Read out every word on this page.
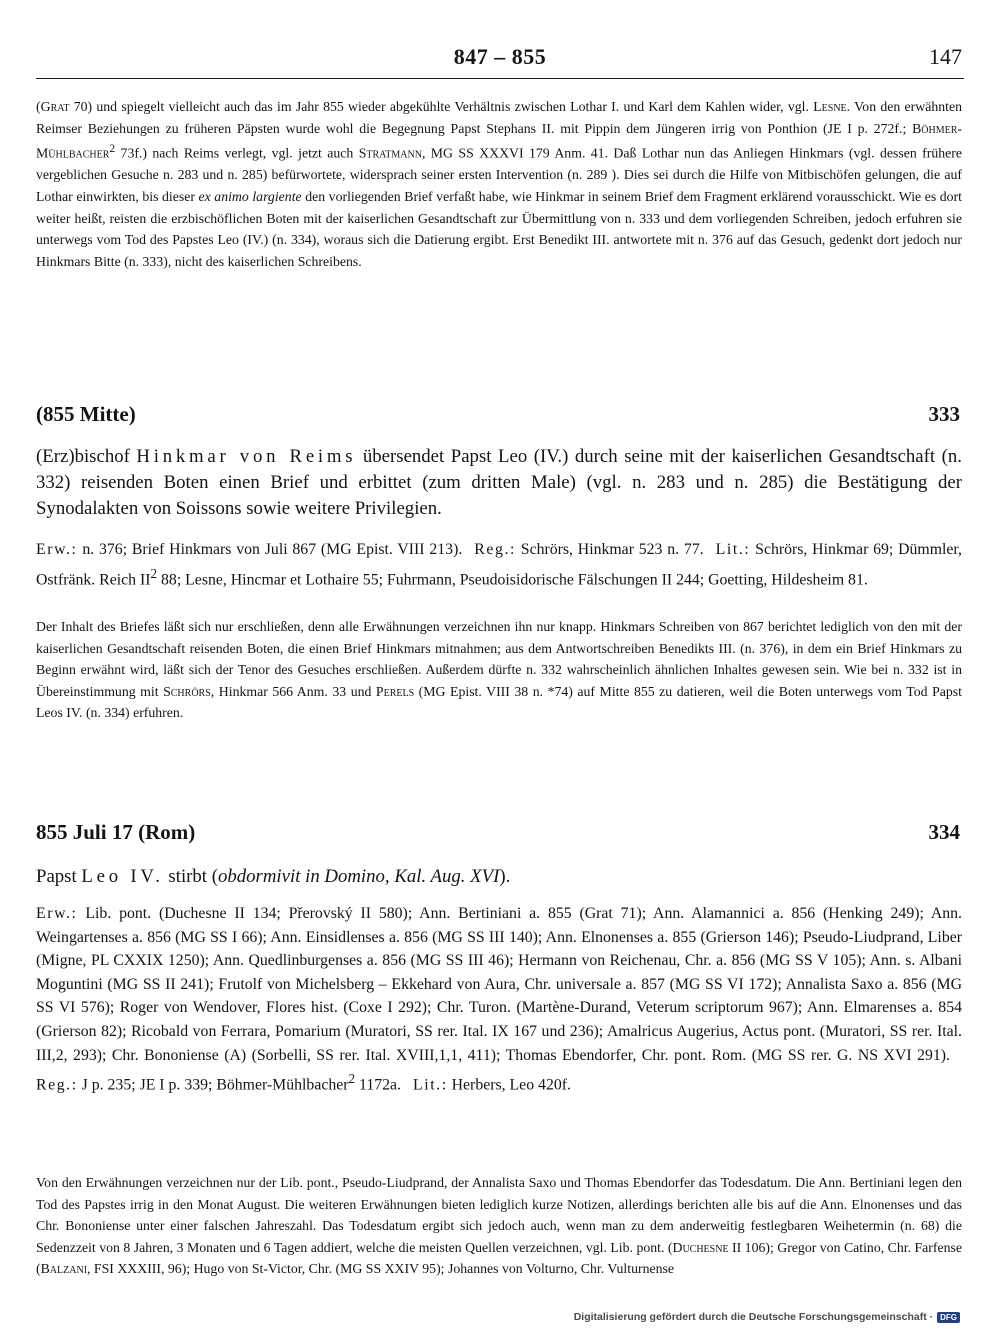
847 – 855	147

(Grat 70) und spiegelt vielleicht auch das im Jahr 855 wieder abgekühlte Verhältnis zwischen Lothar I. und Karl dem Kahlen wider, vgl. Lesne. Von den erwähnten Reimser Beziehungen zu früheren Päpsten wurde wohl die Begegnung Papst Stephans II. mit Pippin dem Jüngeren irrig von Ponthion (JE I p. 272f.; Böhmer-Mühlbacher$^2$ 73f.) nach Reims verlegt, vgl. jetzt auch Stratmann, MG SS XXXVI 179 Anm. 41. Daß Lothar nun das Anliegen Hinkmars (vgl. dessen frühere vergeblichen Gesuche n. 283 und n. 285) befürwortete, widersprach seiner ersten Intervention (n. 289 ). Dies sei durch die Hilfe von Mitbischöfen gelungen, die auf Lothar einwirkten, bis dieser ex animo largiente den vorliegenden Brief verfaßt habe, wie Hinkmar in seinem Brief dem Fragment erklärend vorausschickt. Wie es dort weiter heißt, reisten die erzbischöflichen Boten mit der kaiserlichen Gesandtschaft zur Übermittlung von n. 333 und dem vorliegenden Schreiben, jedoch erfuhren sie unterwegs vom Tod des Papstes Leo (IV.) (n. 334), woraus sich die Datierung ergibt. Erst Benedikt III. antwortete mit n. 376 auf das Gesuch, gedenkt dort jedoch nur Hinkmars Bitte (n. 333), nicht des kaiserlichen Schreibens.

(855 Mitte)	333

(Erz)bischof Hinkmar von Reims übersendet Papst Leo (IV.) durch seine mit der kaiserlichen Gesandtschaft (n. 332) reisenden Boten einen Brief und erbittet (zum dritten Male) (vgl. n. 283 und n. 285) die Bestätigung der Synodalakten von Soissons sowie weitere Privilegien.

Erw.: n. 376; Brief Hinkmars von Juli 867 (MG Epist. VIII 213). Reg.: Schrörs, Hinkmar 523 n. 77. Lit.: Schrörs, Hinkmar 69; Dümmler, Ostfränk. Reich $II^2$ 88; Lesne, Hincmar et Lothaire 55; Fuhrmann, Pseudoisidorische Fälschungen II 244; Goetting, Hildesheim 81.

Der Inhalt des Briefes läßt sich nur erschließen, denn alle Erwähnungen verzeichnen ihn nur knapp. Hinkmars Schreiben von 867 berichtet lediglich von den mit der kaiserlichen Gesandtschaft reisenden Boten, die einen Brief Hinkmars mitnahmen; aus dem Antwortschreiben Benedikts III. (n. 376), in dem ein Brief Hinkmars zu Beginn erwähnt wird, läßt sich der Tenor des Gesuches erschließen. Außerdem dürfte n. 332 wahrscheinlich ähnlichen Inhaltes gewesen sein. Wie bei n. 332 ist in Übereinstimmung mit Schrörs, Hinkmar 566 Anm. 33 und Perels (MG Epist. VIII 38 n. *74) auf Mitte 855 zu datieren, weil die Boten unterwegs vom Tod Papst Leos IV. (n. 334) erfuhren.

855 Juli 17 (Rom)	334

Papst Leo IV. stirbt (obdormivit in Domino, Kal. Aug. XVI).

Erw.: Lib. pont. (Duchesne II 134; Přerovský II 580); Ann. Bertiniani a. 855 (Grat 71); Ann. Alamannici a. 856 (Henking 249); Ann. Weingartenses a. 856 (MG SS I 66); Ann. Einsidlenses a. 856 (MG SS III 140); Ann. Elnonenses a. 855 (Grierson 146); Pseudo-Liudprand, Liber (Migne, PL CXXIX 1250); Ann. Quedlinburgenses a. 856 (MG SS III 46); Hermann von Reichenau, Chr. a. 856 (MG SS V 105); Ann. s. Albani Moguntini (MG SS II 241); Frutolf von Michelsberg – Ekkehard von Aura, Chr. universale a. 857 (MG SS VI 172); Annalista Saxo a. 856 (MG SS VI 576); Roger von Wendover, Flores hist. (Coxe I 292); Chr. Turon. (Martène-Durand, Veterum scriptorum 967); Ann. Elmarenses a. 854 (Grierson 82); Ricobald von Ferrara, Pomarium (Muratori, SS rer. Ital. IX 167 und 236); Amalricus Augerius, Actus pont. (Muratori, SS rer. Ital. III,2, 293); Chr. Bononiense (A) (Sorbelli, SS rer. Ital. XVIII,1,1, 411); Thomas Ebendorfer, Chr. pont. Rom. (MG SS rer. G. NS XVI 291).Reg.: J p. 235; JE I p. 339; Böhmer-Mühlbacher$^2$ 1172a. Lit.: Herbers, Leo 420f.

Von den Erwähnungen verzeichnen nur der Lib. pont., Pseudo-Liudprand, der Annalista Saxo und Thomas Ebendorfer das Todesdatum. Die Ann. Bertiniani legen den Tod des Papstes irrig in den Monat August. Die weiteren Erwähnungen bieten lediglich kurze Notizen, allerdings berichten alle bis auf die Ann. Elnonenses und das Chr. Bononiense unter einer falschen Jahreszahl. Das Todesdatum ergibt sich jedoch auch, wenn man zu dem anderweitig festlegbaren Weihetermin (n. 68) die Sedenzzeit von 8 Jahren, 3 Monaten und 6 Tagen addiert, welche die meisten Quellen verzeichnen, vgl. Lib. pont. (Duchesne II 106); Gregor von Catino, Chr. Farfense (Balzani, FSI XXXIII, 96); Hugo von St-Victor, Chr. (MG SS XXIV 95); Johannes von Volturno, Chr. Vulturnense

Digitalisierung gefördert durch die Deutsche Forschungsgemeinschaft · DFG
